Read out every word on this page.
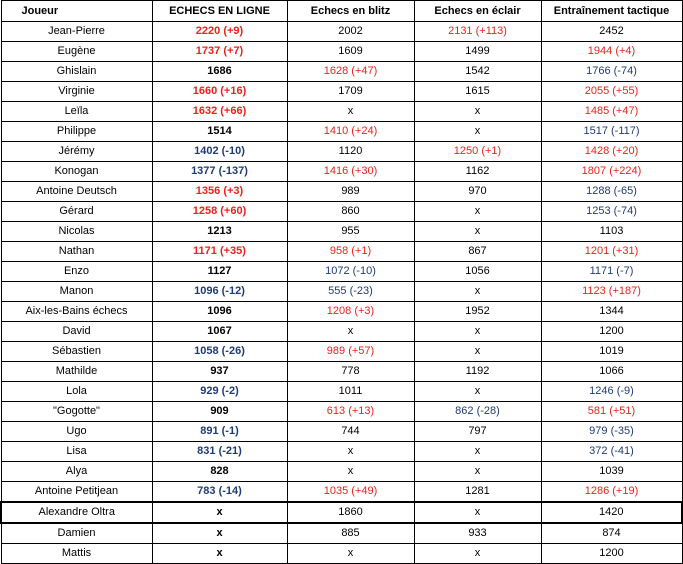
Joueur	ECHECS EN LIGNE	Echecs en blitz	Echecs en éclair	Entraînement tactique
Jean-Pierre	2220 (+9)	2002	2131 (+113)	2452
Eugène	1737 (+7)	1609	1499	1944 (+4)
Ghislain	1686	1628 (+47)	1542	1766 (-74)
Virginie	1660 (+16)	1709	1615	2055 (+55)
Leïla	1632 (+66)	x	x	1485 (+47)
Philippe	1514	1410 (+24)	x	1517 (-117)
Jérémy	1402 (-10)	1120	1250 (+1)	1428 (+20)
Konogan	1377 (-137)	1416 (+30)	1162	1807 (+224)
Antoine Deutsch	1356 (+3)	989	970	1288 (-65)
Gérard	1258 (+60)	860	x	1253 (-74)
Nicolas	1213	955	x	1103
Nathan	1171 (+35)	958 (+1)	867	1201 (+31)
Enzo	1127	1072 (-10)	1056	1171 (-7)
Manon	1096 (-12)	555 (-23)	x	1123 (+187)
Aix-les-Bains échecs	1096	1208 (+3)	1952	1344
David	1067	x	x	1200
Sébastien	1058 (-26)	989 (+57)	x	1019
Mathilde	937	778	1192	1066
Lola	929 (-2)	1011	x	1246 (-9)
"Gogotte"	909	613 (+13)	862 (-28)	581 (+51)
Ugo	891 (-1)	744	797	979 (-35)
Lisa	831 (-21)	x	x	372 (-41)
Alya	828	x	x	1039
Antoine Petitjean	783 (-14)	1035 (+49)	1281	1286 (+19)
Alexandre Oltra	x	1860	x	1420
Damien	x	885	933	874
Mattis	x	x	x	1200
